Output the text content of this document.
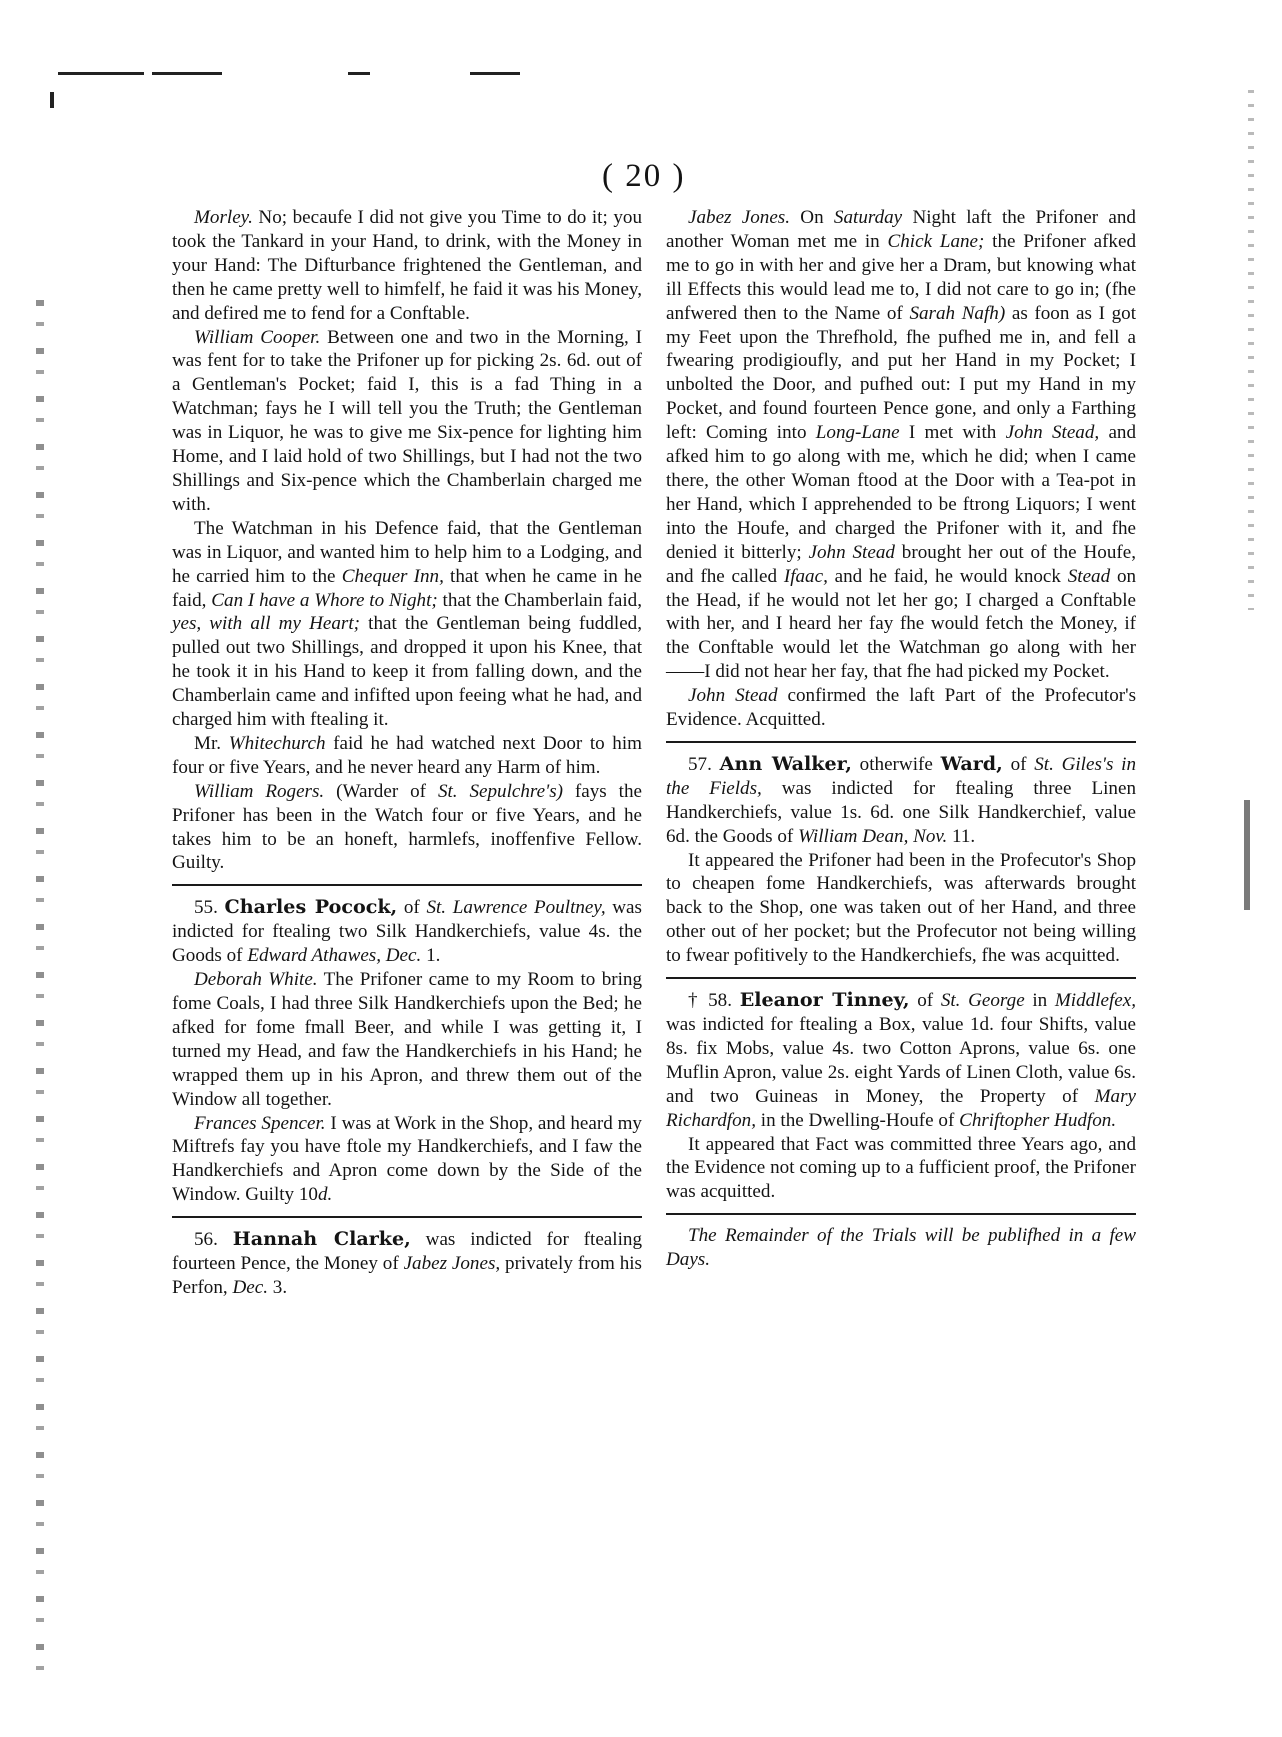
( 20 )

Morley. No; becaufe I did not give you Time to do it; you took the Tankard in your Hand, to drink, with the Money in your Hand: The Difturbance frightened the Gentleman, and then he came pretty well to himfelf, he faid it was his Money, and defired me to fend for a Conftable.

William Cooper. Between one and two in the Morning, I was fent for to take the Prifoner up for picking 2s. 6d. out of a Gentleman's Pocket; faid I, this is a fad Thing in a Watchman; fays he I will tell you the Truth; the Gentleman was in Liquor, he was to give me Six-pence for lighting him Home, and I laid hold of two Shillings, but I had not the two Shillings and Six-pence which the Chamberlain charged me with.

The Watchman in his Defence faid, that the Gentleman was in Liquor, and wanted him to help him to a Lodging, and he carried him to the Chequer Inn, that when he came in he faid, Can I have a Whore to Night; that the Chamberlain faid, yes, with all my Heart; that the Gentleman being fuddled, pulled out two Shillings, and dropped it upon his Knee, that he took it in his Hand to keep it from falling down, and the Chamberlain came and infifted upon feeing what he had, and charged him with ftealing it.

Mr. Whitechurch faid he had watched next Door to him four or five Years, and he never heard any Harm of him.

William Rogers. (Warder of St. Sepulchre's) fays the Prifoner has been in the Watch four or five Years, and he takes him to be an honeft, harmlefs, inoffenfive Fellow. Guilty.

55. Charles Pocock, of St. Lawrence Poultney, was indicted for ftealing two Silk Handkerchiefs, value 4s. the Goods of Edward Athawes, Dec. 1.

Deborah White. The Prifoner came to my Room to bring fome Coals, I had three Silk Handkerchiefs upon the Bed; he afked for fome fmall Beer, and while I was getting it, I turned my Head, and faw the Handkerchiefs in his Hand; he wrapped them up in his Apron, and threw them out of the Window all together.

Frances Spencer. I was at Work in the Shop, and heard my Miftrefs fay you have ftole my Handkerchiefs, and I faw the Handkerchiefs and Apron come down by the Side of the Window. Guilty 10d.

56. Hannah Clarke, was indicted for ftealing fourteen Pence, the Money of Jabez Jones, privately from his Perfon, Dec. 3.

Jabez Jones. On Saturday Night laft the Prifoner and another Woman met me in Chick Lane; the Prifoner afked me to go in with her and give her a Dram, but knowing what ill Effects this would lead me to, I did not care to go in; (fhe anfwered then to the Name of Sarah Nafh) as foon as I got my Feet upon the Threfhold, fhe pufhed me in, and fell a fwearing prodigioufly, and put her Hand in my Pocket; I unbolted the Door, and pufhed out: I put my Hand in my Pocket, and found fourteen Pence gone, and only a Farthing left: Coming into Long-Lane I met with John Stead, and afked him to go along with me, which he did; when I came there, the other Woman ftood at the Door with a Tea-pot in her Hand, which I apprehended to be ftrong Liquors; I went into the Houfe, and charged the Prifoner with it, and fhe denied it bitterly; John Stead brought her out of the Houfe, and fhe called Ifaac, and he faid, he would knock Stead on the Head, if he would not let her go; I charged a Conftable with her, and I heard her fay fhe would fetch the Money, if the Conftable would let the Watchman go along with her——I did not hear her fay, that fhe had picked my Pocket.

John Stead confirmed the laft Part of the Profecutor's Evidence. Acquitted.

57. Ann Walker, otherwife Ward, of St. Giles's in the Fields, was indicted for ftealing three Linen Handkerchiefs, value 1s. 6d. one Silk Handkerchief, value 6d. the Goods of William Dean, Nov. 11.

It appeared the Prifoner had been in the Profecutor's Shop to cheapen fome Handkerchiefs, was afterwards brought back to the Shop, one was taken out of her Hand, and three other out of her pocket; but the Profecutor not being willing to fwear pofitively to the Handkerchiefs, fhe was acquitted.

† 58. Eleanor Tinney, of St. George in Middlefex, was indicted for ftealing a Box, value 1d. four Shifts, value 8s. fix Mobs, value 4s. two Cotton Aprons, value 6s. one Muflin Apron, value 2s. eight Yards of Linen Cloth, value 6s. and two Guineas in Money, the Property of Mary Richardfon, in the Dwelling-Houfe of Chriftopher Hudfon.

It appeared that Fact was committed three Years ago, and the Evidence not coming up to a fufficient proof, the Prifoner was acquitted.

The Remainder of the Trials will be publifhed in a few Days.
